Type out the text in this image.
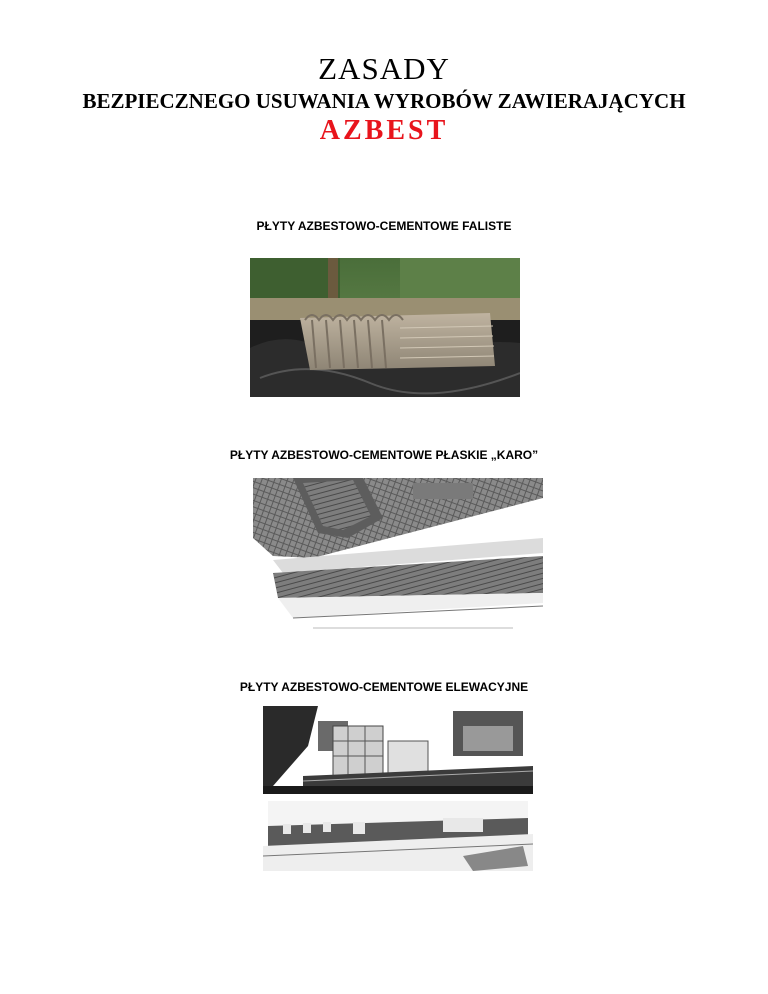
ZASADY
BEZPIECZNEGO USUWANIA WYROBÓW ZAWIERAJĄCYCH
AZBEST
PŁYTY AZBESTOWO-CEMENTOWE FALISTE
PŁYTY AZBESTOWO-CEMENTOWE PŁASKIE „KARO”
PŁYTY AZBESTOWO-CEMENTOWE ELEWACYJNE
